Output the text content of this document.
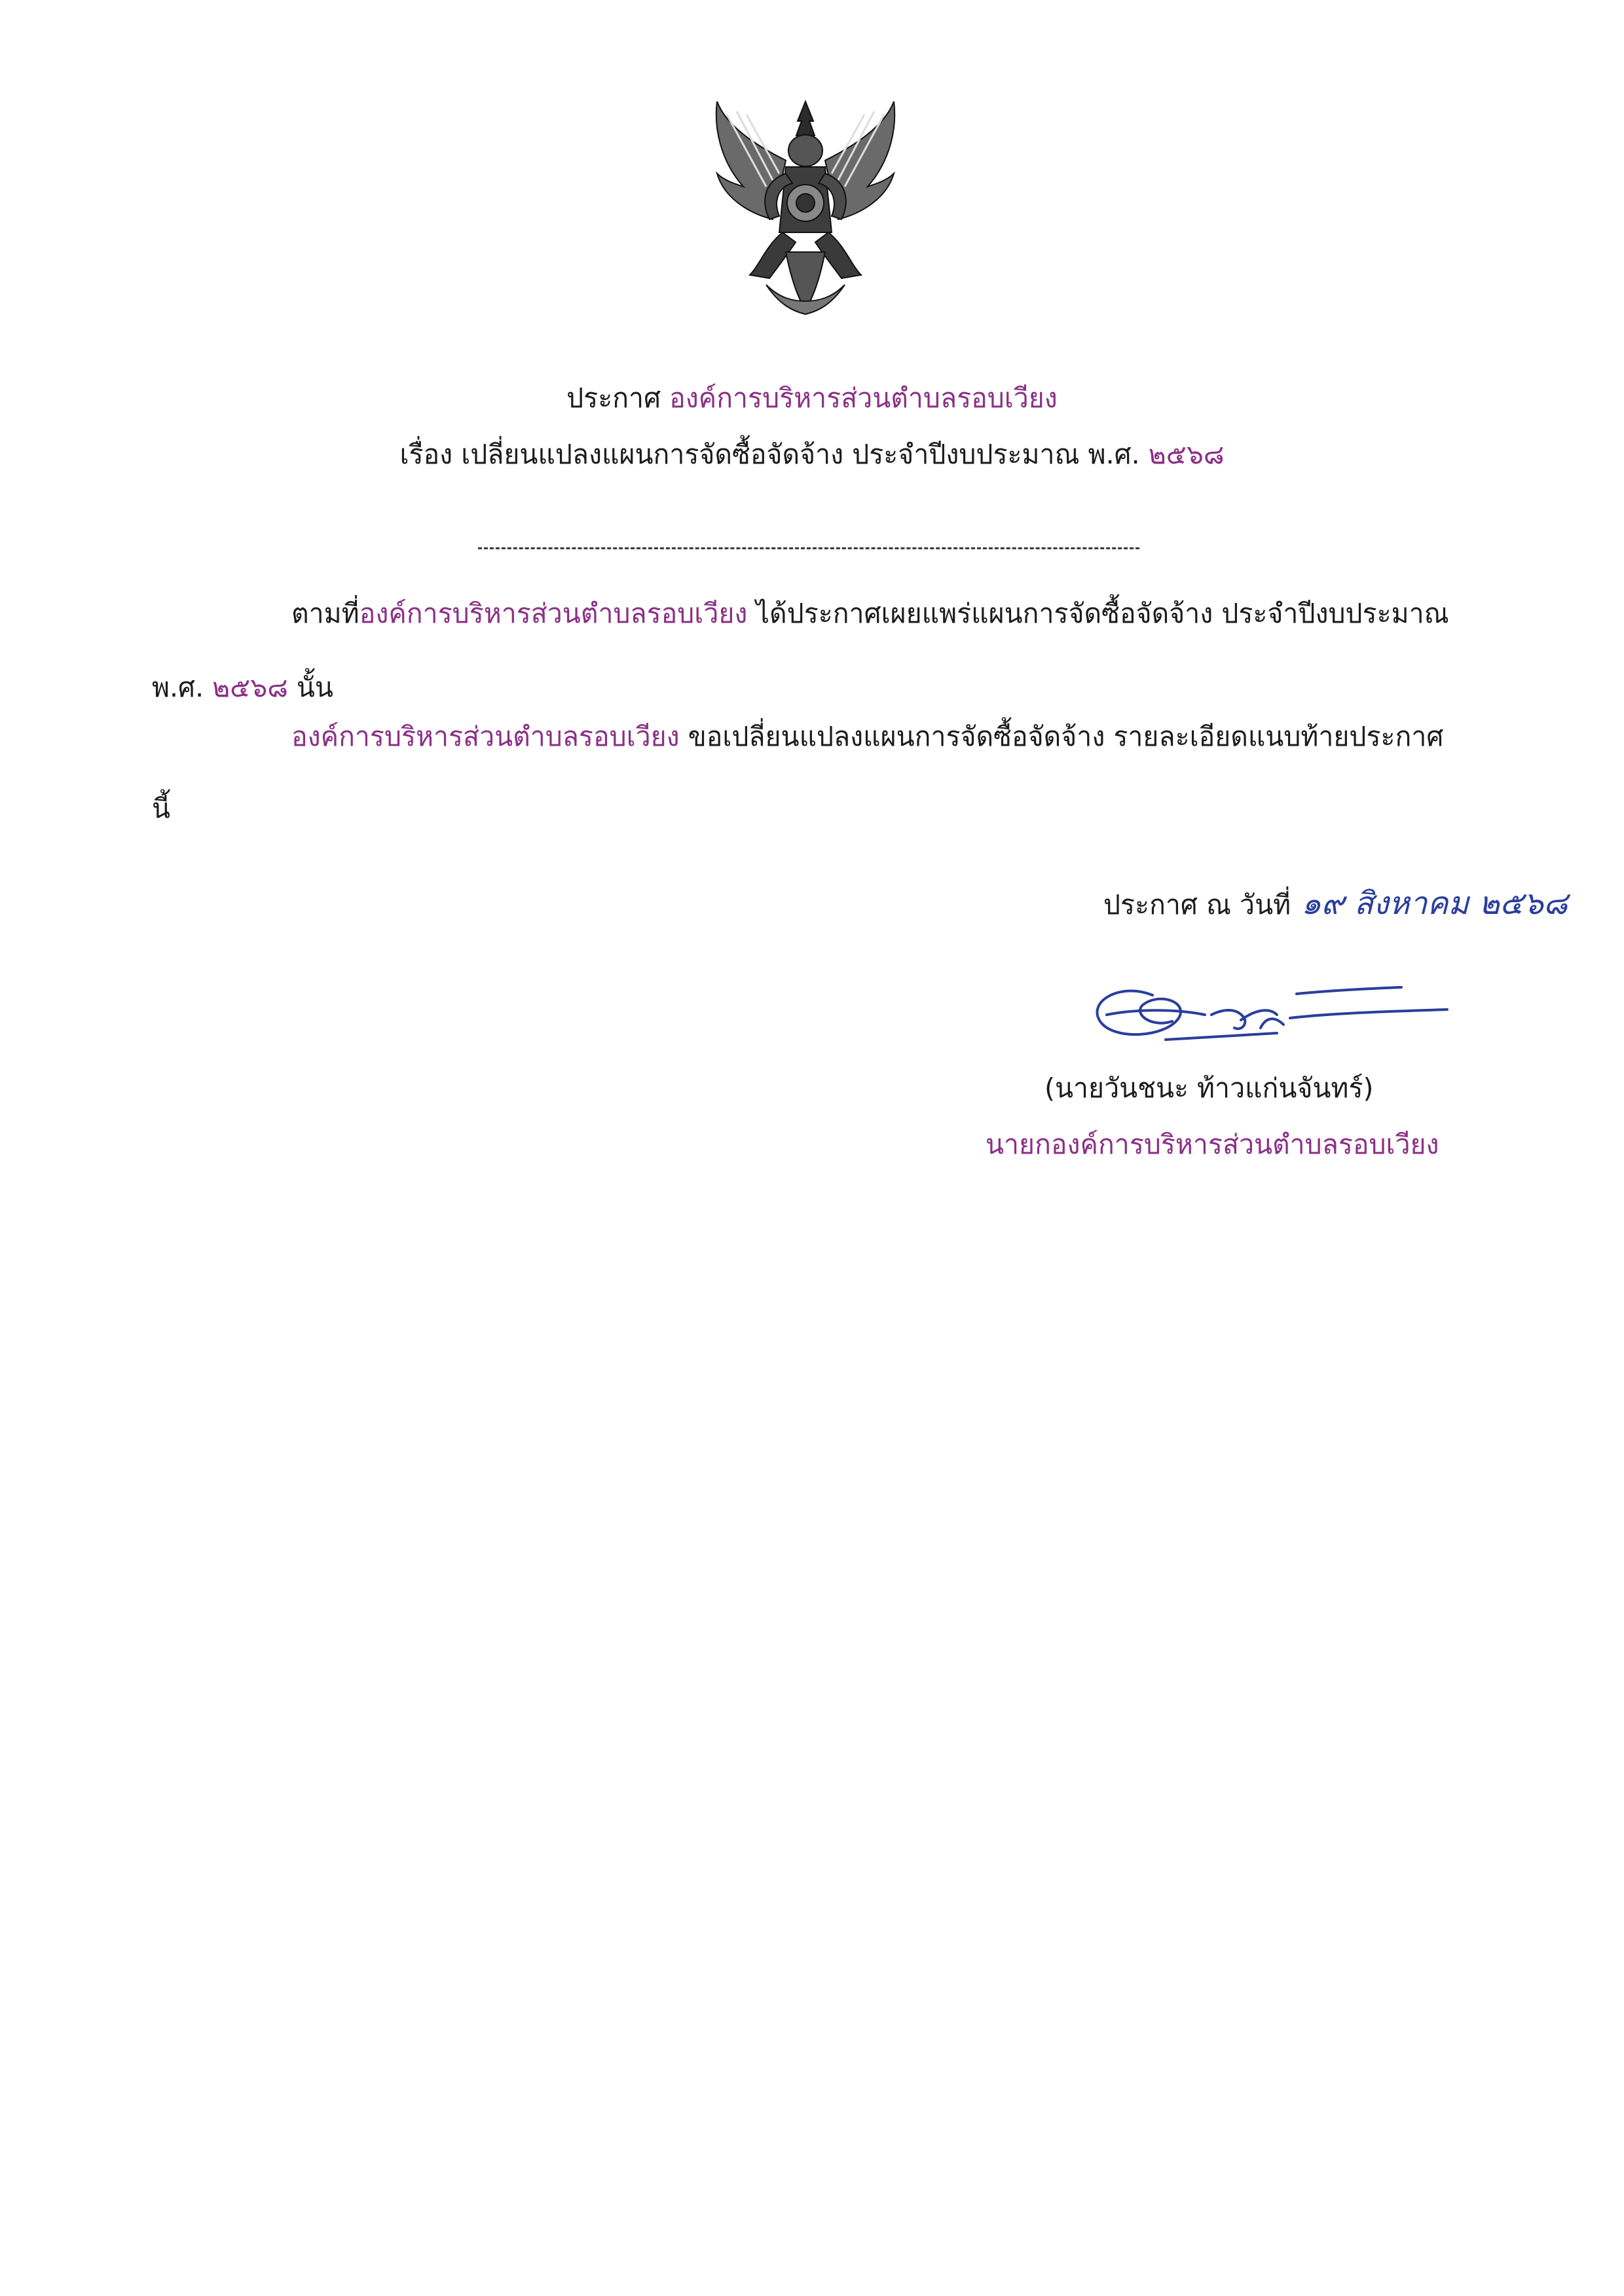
ประกาศ องค์การบริหารส่วนตำบลรอบเวียง
เรื่อง เปลี่ยนแปลงแผนการจัดซื้อจัดจ้าง ประจำปีงบประมาณ พ.ศ. ๒๕๖๘
ตามที่องค์การบริหารส่วนตำบลรอบเวียง ได้ประกาศเผยแพร่แผนการจัดซื้อจัดจ้าง ประจำปีงบประมาณ
พ.ศ. ๒๕๖๘ นั้น
องค์การบริหารส่วนตำบลรอบเวียง ขอเปลี่ยนแปลงแผนการจัดซื้อจัดจ้าง รายละเอียดแนบท้ายประกาศ
นี้
ประกาศ ณ วันที่ ๑๙ สิงหาคม ๒๕๖๘
(นายวันชนะ ท้าวแก่นจันทร์)
นายกองค์การบริหารส่วนตำบลรอบเวียง
